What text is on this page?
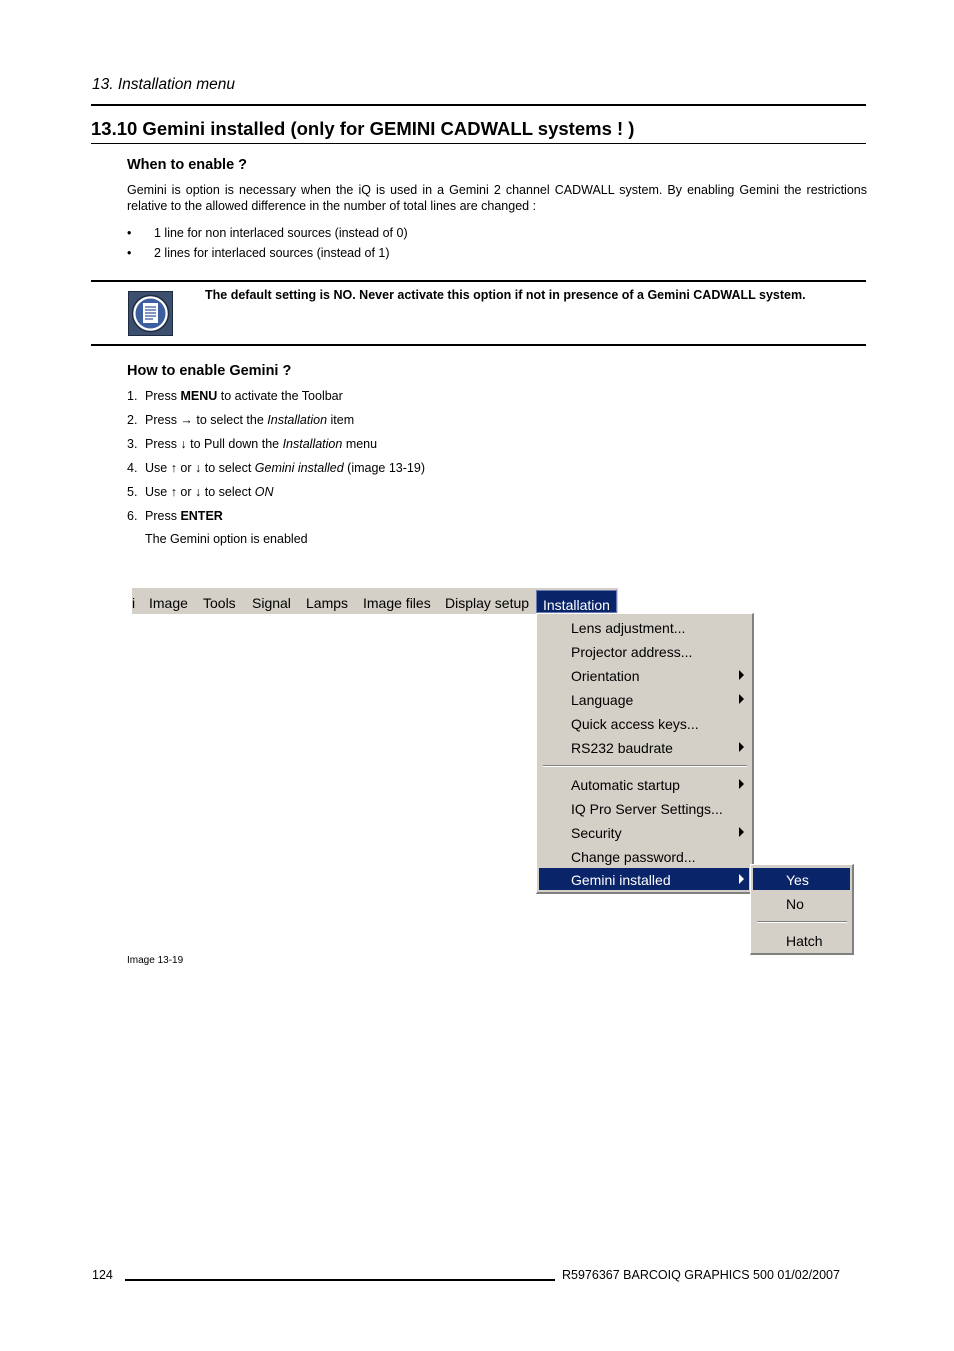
13. Installation menu
13.10 Gemini installed (only for GEMINI CADWALL systems ! )
When to enable ?
Gemini is option is necessary when the iQ is used in a Gemini 2 channel CADWALL system. By enabling Gemini the restrictions relative to the allowed difference in the number of total lines are changed :
• 1 line for non interlaced sources (instead of 0)
• 2 lines for interlaced sources (instead of 1)
The default setting is NO. Never activate this option if not in presence of a Gemini CADWALL system.
How to enable Gemini ?
1. Press MENU to activate the Toolbar
2. Press → to select the Installation item
3. Press ↓ to Pull down the Installation menu
4. Use ↑ or ↓ to select Gemini installed (image 13-19)
5. Use ↑ or ↓ to select ON
6. Press ENTER
The Gemini option is enabled
i Image Tools Signal Lamps Image files Display setup Installation
Lens adjustment...
Projector address...
Orientation
Language
Quick access keys...
RS232 baudrate
Automatic startup
IQ Pro Server Settings...
Security
Change password...
Gemini installed	Yes
No
Hatch
Image 13-19
124	R5976367 BARCOIQ GRAPHICS 500 01/02/2007
